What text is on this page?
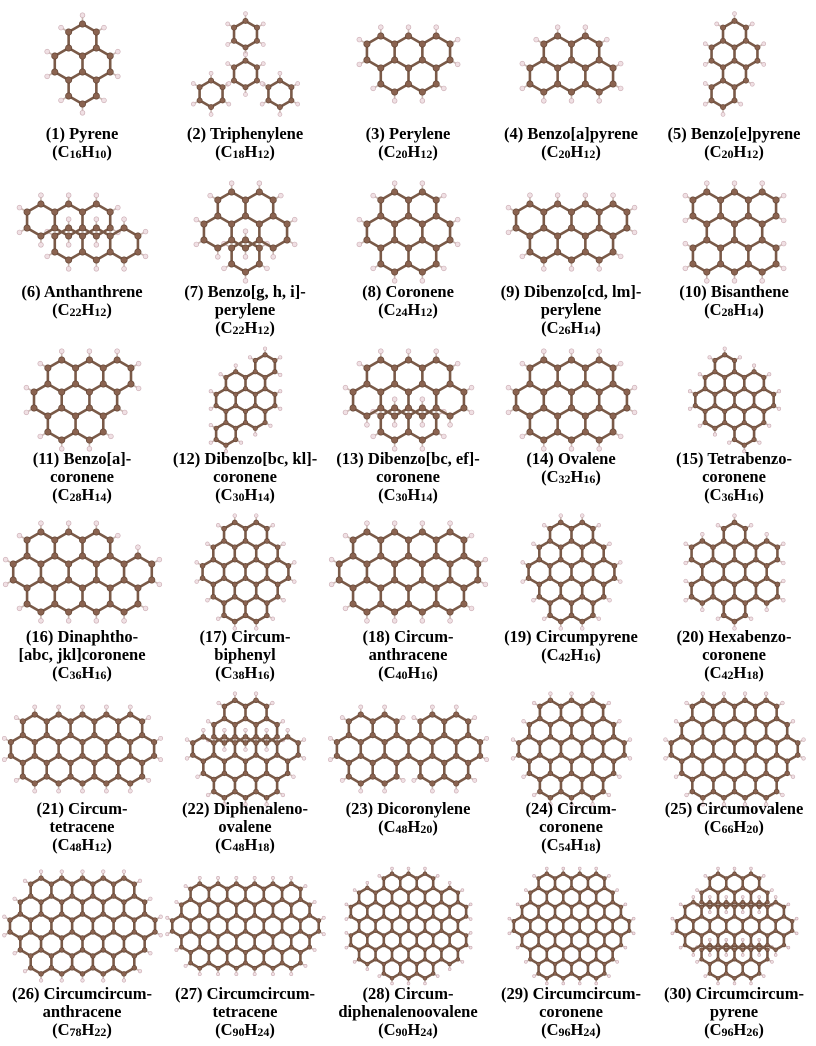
(1) Pyrene
$(C_{16}H_{10})$
(2) Triphenylene
$(C_{18}H_{12})$
(3) Perylene
$(C_{20}H_{12})$
(4) Benzo[a]pyrene
$(C_{20}H_{12})$
(5) Benzo[e]pyrene
$(C_{20}H_{12})$
(6) Anthanthrene
$(C_{22}H_{12})$
(7) Benzo[g, h, i]-
perylene
$(C_{22}H_{12})$
(8) Coronene
$(C_{24}H_{12})$
(9) Dibenzo[cd, lm]-
perylene
$(C_{26}H_{14})$
(10) Bisanthene
$(C_{28}H_{14})$
(11) Benzo[a]-
coronene
$(C_{28}H_{14})$
(12) Dibenzo[bc, kl]-
coronene
$(C_{30}H_{14})$
(13) Dibenzo[bc, ef]-
coronene
$(C_{30}H_{14})$
(14) Ovalene
$(C_{32}H_{16})$
(15) Tetrabenzo-
coronene
$(C_{36}H_{16})$
(16) Dinaphtho-
[abc, jkl]coronene
$(C_{36}H_{16})$
(17) Circum-
biphenyl
$(C_{38}H_{16})$
(18) Circum-
anthracene
$(C_{40}H_{16})$
(19) Circumpyrene
$(C_{42}H_{16})$
(20) Hexabenzo-
coronene
$(C_{42}H_{18})$
(21) Circum-
tetracene
$(C_{48}H_{12})$
(22) Diphenaleno-
ovalene
$(C_{48}H_{18})$
(23) Dicoronylene
$(C_{48}H_{20})$
(24) Circum-
coronene
$(C_{54}H_{18})$
(25) Circumovalene
$(C_{66}H_{20})$
(26) Circumcircum-
anthracene
$(C_{78}H_{22})$
(27) Circumcircum-
tetracene
$(C_{90}H_{24})$
(28) Circum-
diphenalenoovalene
$(C_{90}H_{24})$
(29) Circumcircum-
coronene
$(C_{96}H_{24})$
(30) Circumcircum-
pyrene
$(C_{96}H_{26})$
